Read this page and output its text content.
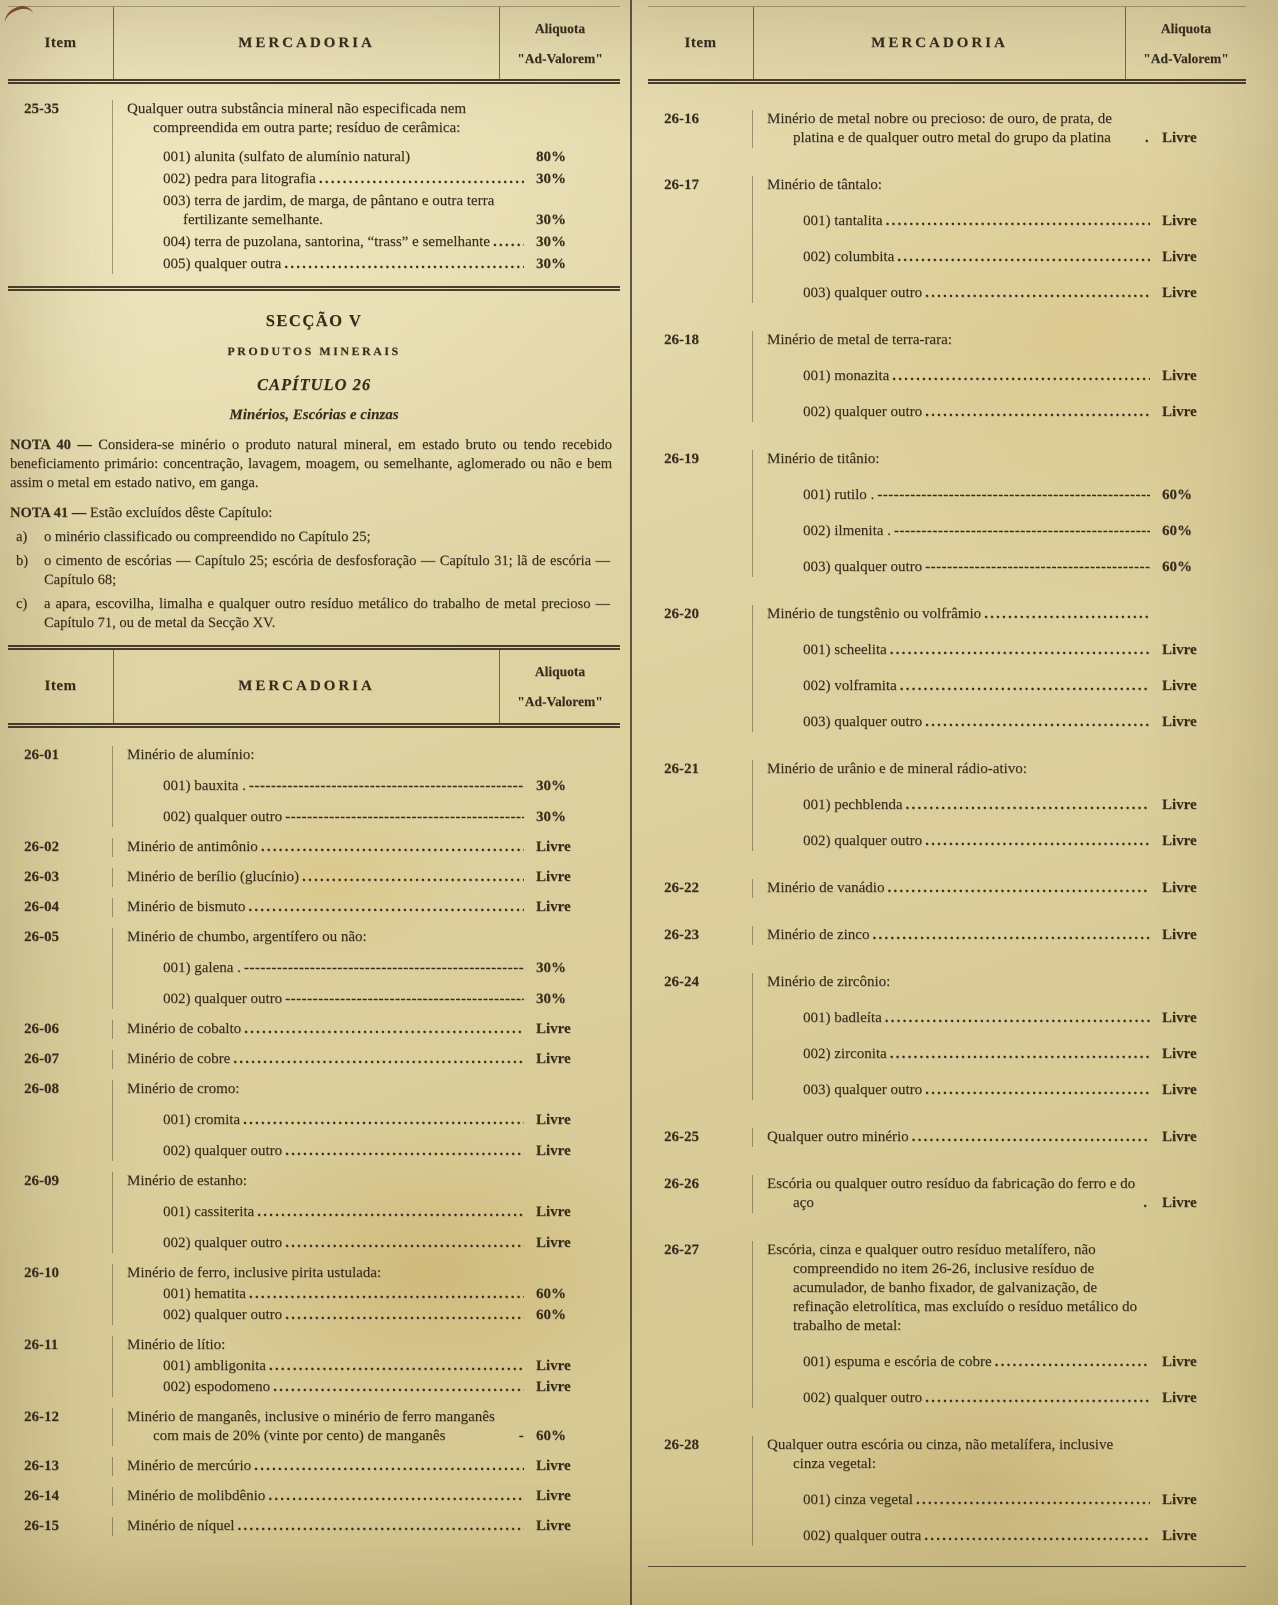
Item	MERCADORIA
Aliquota
"Ad-Valorem"
25-35	Qualquer outra substância mineral não especificada nem compreendida em outra parte; resíduo de cerâmica:
001) alunita (sulfato de alumínio natural)	80%
002) pedra para litografia .....	30%
003) terra de jardim, de marga, de pântano e outra terra fertilizante semelhante.	30%
004) terra de puzolana, santorina, “trass” e semelhante .....	30%
005) qualquer outra .....	30%
SECÇÃO V
PRODUTOS MINERAIS
CAPÍTULO 26
Minérios, Escórias e cinzas

NOTA 40 — Considera-se minério o produto natural mineral, em estado bruto ou tendo recebido beneficiamento primário: concentração, lavagem, moagem, ou semelhante, aglomerado ou não e bem assim o metal em estado nativo, em ganga.

NOTA 41 — Estão excluídos dêste Capítulo:

a)	o minério classificado ou compreendido no Capítulo 25;
b)	o cimento de escórias — Capítulo 25; escória de desfosforação — Capítulo 31; lã de escória — Capítulo 68;
c)	a apara, escovilha, limalha e qualquer outro resíduo metálico do trabalho de metal precioso — Capítulo 71, ou de metal da Secção XV.
Item	MERCADORIA
Aliquota
"Ad-Valorem"
26-01	Minério de alumínio:
001) bauxita . -----	30%
002) qualquer outro -----	30%
26-02	Minério de antimônio .....	Livre
26-03	Minério de berílio (glucínio) .....	Livre
26-04	Minério de bismuto .....	Livre
26-05	Minério de chumbo, argentífero ou não:
001) galena . -----	30%
002) qualquer outro -----	30%
26-06	Minério de cobalto .....	Livre
26-07	Minério de cobre .....	Livre
26-08	Minério de cromo:
001) cromita .....	Livre
002) qualquer outro .....	Livre
26-09	Minério de estanho:
001) cassiterita .....	Livre
002) qualquer outro .....	Livre
26-10	Minério de ferro, inclusive pirita ustulada:
001) hematita .....	60%
002) qualquer outro .....	60%
26-11	Minério de lítio:
001) ambligonita .....	Livre
002) espodomeno .....	Livre
26-12	Minério de manganês, inclusive o minério de ferro manganês com mais de 20% (vinte por cento) de manganês -----	60%
26-13	Minério de mercúrio .....	Livre
26-14	Minério de molibdênio .....	Livre
26-15	Minério de níquel .....	Livre
Item	MERCADORIA
Aliquota
"Ad-Valorem"
26-16	Minério de metal nobre ou precioso: de ouro, de prata, de platina e de qualquer outro metal do grupo da platina .....	Livre
26-17	Minério de tântalo:
001) tantalita .....	Livre
002) columbita .....	Livre
003) qualquer outro .....	Livre
26-18	Minério de metal de terra-rara:
001) monazita .....	Livre
002) qualquer outro .....	Livre
26-19	Minério de titânio:
001) rutilo . -----	60%
002) ilmenita . -----	60%
003) qualquer outro -----	60%
26-20	Minério de tungstênio ou volfrâmio
.....
001) scheelita .....	Livre
002) volframita .....	Livre
003) qualquer outro .....	Livre
26-21	Minério de urânio e de mineral rádio-ativo:
001) pechblenda .....	Livre
002) qualquer outro .....	Livre
26-22	Minério de vanádio .....	Livre
26-23	Minério de zinco .....	Livre
26-24	Minério de zircônio:
001) badleíta .....	Livre
002) zirconita .....	Livre
003) qualquer outro .....	Livre
26-25	Qualquer outro minério .....	Livre
26-26	Escória ou qualquer outro resíduo da fabricação do ferro e do aço .....	Livre
26-27	Escória, cinza e qualquer outro resíduo metalífero, não compreendido no item 26-26, inclusive resíduo de acumulador, de banho fixador, de galvanização, de refinação eletrolítica, mas excluído o resíduo metálico do trabalho de metal:
001) espuma e escória de cobre .....	Livre
002) qualquer outro .....	Livre
26-28	Qualquer outra escória ou cinza, não metalífera, inclusive cinza vegetal:
001) cinza vegetal .....	Livre
002) qualquer outra .....	Livre
